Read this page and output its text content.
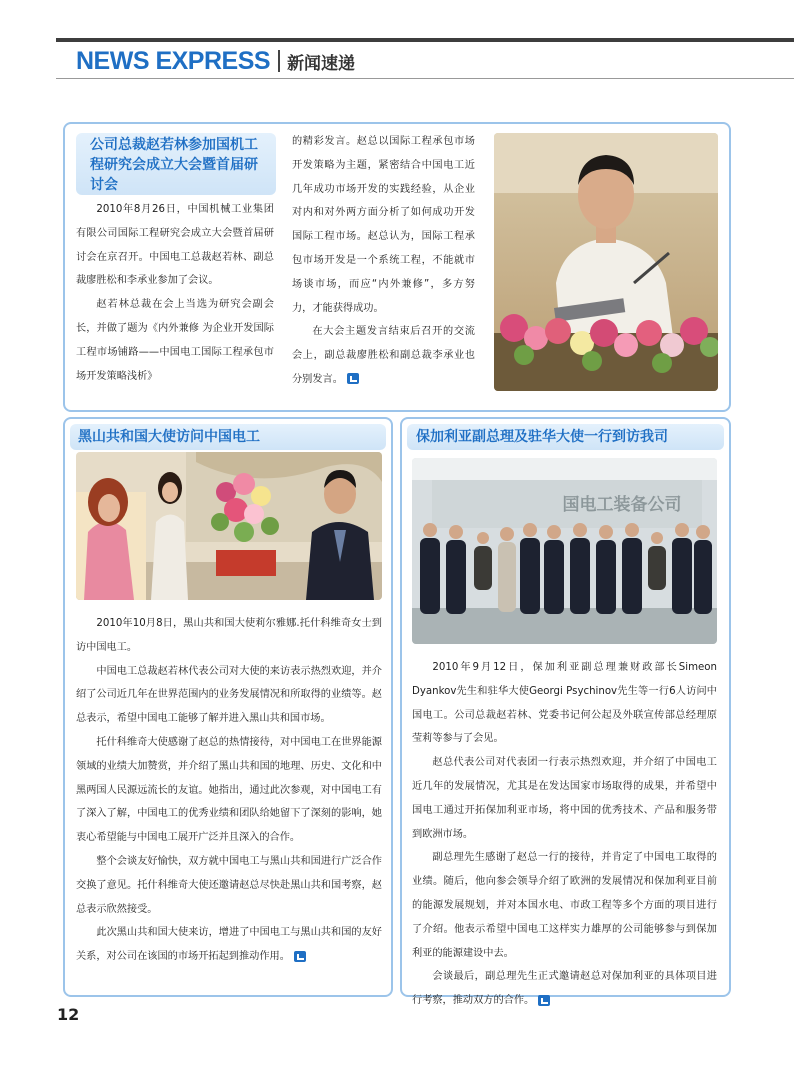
NEWS EXPRESS 新闻速递
公司总裁赵若林参加国机工程研究会成立大会暨首届研讨会

2010年8月26日，中国机械工业集团有限公司国际工程研究会成立大会暨首届研讨会在京召开。中国电工总裁赵若林、副总裁廖胜松和李承业参加了会议。

赵若林总裁在会上当选为研究会副会长，并做了题为《内外兼修 为企业开发国际工程市场铺路——中国电工国际工程承包市场开发策略浅析》

的精彩发言。赵总以国际工程承包市场开发策略为主题，紧密结合中国电工近几年成功市场开发的实践经验，从企业对内和对外两方面分析了如何成功开发国际工程市场。赵总认为，国际工程承包市场开发是一个系统工程，不能就市场谈市场，而应“内外兼修”，多方努力，才能获得成功。

在大会主题发言结束后召开的交流会上，副总裁廖胜松和副总裁李承业也分别发言。

黑山共和国大使访问中国电工

2010年10月8日，黑山共和国大使莉尔雅娜.托什科维奇女士到访中国电工。

中国电工总裁赵若林代表公司对大使的来访表示热烈欢迎，并介绍了公司近几年在世界范围内的业务发展情况和所取得的业绩等。赵总表示，希望中国电工能够了解并进入黑山共和国市场。

托什科维奇大使感谢了赵总的热情接待，对中国电工在世界能源领域的业绩大加赞赏，并介绍了黑山共和国的地理、历史、文化和中黑两国人民源远流长的友谊。她指出，通过此次参观，对中国电工有了深入了解，中国电工的优秀业绩和团队给她留下了深刻的影响，她衷心希望能与中国电工展开广泛并且深入的合作。

整个会谈友好愉快，双方就中国电工与黑山共和国进行广泛合作交换了意见。托什科维奇大使还邀请赵总尽快赴黑山共和国考察，赵总表示欣然接受。

此次黑山共和国大使来访，增进了中国电工与黑山共和国的友好关系，对公司在该国的市场开拓起到推动作用。

保加利亚副总理及驻华大使一行到访我司
国电工装备公司

2010年9月12日，保加利亚副总理兼财政部长Simeon Dyankov先生和驻华大使Georgi Psychinov先生等一行6人访问中国电工。公司总裁赵若林、党委书记何公起及外联宣传部总经理原莹莉等参与了会见。

赵总代表公司对代表团一行表示热烈欢迎，并介绍了中国电工近几年的发展情况，尤其是在发达国家市场取得的成果，并希望中国电工通过开拓保加利亚市场，将中国的优秀技术、产品和服务带到欧洲市场。

副总理先生感谢了赵总一行的接待，并肯定了中国电工取得的业绩。随后，他向参会领导介绍了欧洲的发展情况和保加利亚目前的能源发展规划，并对本国水电、市政工程等多个方面的项目进行了介绍。他表示希望中国电工这样实力雄厚的公司能够参与到保加利亚的能源建设中去。

会谈最后，副总理先生正式邀请赵总对保加利亚的具体项目进行考察，推动双方的合作。

12
